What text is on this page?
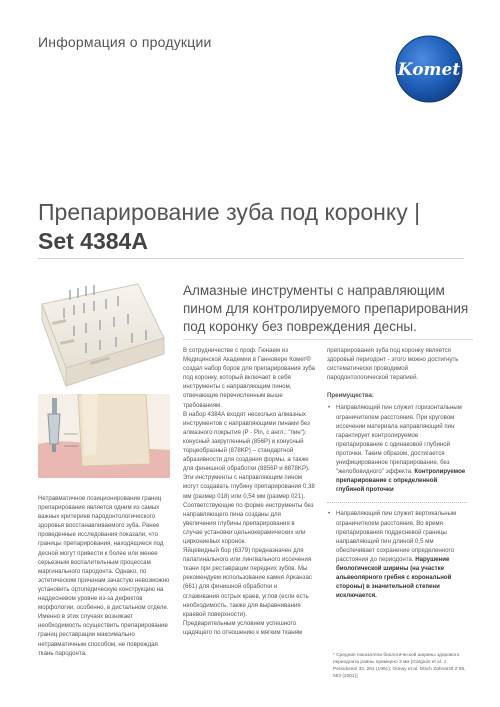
Информация о продукции
Komet
Препарирование зуба под коронку |
Set 4384A
Алмазные инструменты с направляющим пином для контролируемого препарирования под коронку без повреждения десны.
Нетравматичное позиционирование границ препарирования является одним из самых важных критериев пародонтологического здоровья восстанавливаемого зуба. Ранее проведенные исследования показали, что границы препарирования, находящиеся под десной могут привести к более или менее серьезным воспалительным процессам маргинального пародонта. Однако, по эстетическим причинам зачастую невозможно установить ортопедическую конструкцию на наддесневом уровне из-за дефектов морфологии, особенно, в дистальном отделе. Именно в этих случаях возникает необходимость осуществить препарирование границ реставрации максимально нетравматичным способом, не повреждая ткань пародонта.

В сотрудничестве с проф. Гюнаем из Медицинской Академии в Ганновере Комет® создал набор боров для препарирования зуба под коронку, который включает в себя инструменты с направляющим пином, отвечающие перечисленным выше требованиям.

В набор 4384А входят несколько алмазных инструментов с направляющими пинами без алмазного покрытия (Р - Pin, с англ.: "пин"): конусный закругленный (856Р) и конусный торцеобразный (878KP) – стандартной абразивности для создания формы, а также для финишной обработки (8856P и 8878KP). Эти инструменты с направляющим пином могут создавать глубину препарирования 0,38 мм (размер 018) или 0,54 мм (размер 021). Соответствующие по форме инструменты без направляющего пина созданы для увеличения глубины препарирования в случае установки цельнокерамических или циркониевых коронок.

Яйцевидный бор (6379) предназначен для палатинального или лингвального иссечения ткани при реставрации передних зубов. Мы рекомендуем использование камня Арканзас (661) для финишной обработки и сглаживания острых краев, углов (если есть необходимость, также для выравнивания краевой поверхности).

Предварительным условием успешного щадящего по отношению к мягким тканям

препарирования зуба под коронку является здоровый периодонт - этого можно достигнуть систематически проводимой пародонтологической терапией.

Преимущества:

• Направляющий пин служит горизонтальным ограничителем расстояния. При круговом иссечении материала направляющий пин гарантирует контролируемое препарирование с одинаковой глубиной проточки. Таким образом, достигается унифицированное препарирование, без "желобовидного" эффекта. Контролируемое препарирование с определенной глубиной проточки
• Направляющий пин служит вертикальным ограничителем расстояния. Во время препарирования поддесневой границы направляющий пин длиной 0,5 мм обеспечивает сохранение определенного расстояния до периодонта. Нарушение биологической ширины (на участке альвеолярного гребня с корональной стороны) в значительной степени исключается.
* Средние показатели биологической ширины здорового периодонта равны примерно 3 мм [Gargiulo et al. J Periodontol 32, 261 (1961); Günay et al. Dtsch Zahnärztl Z 56, 583 (2001)]
